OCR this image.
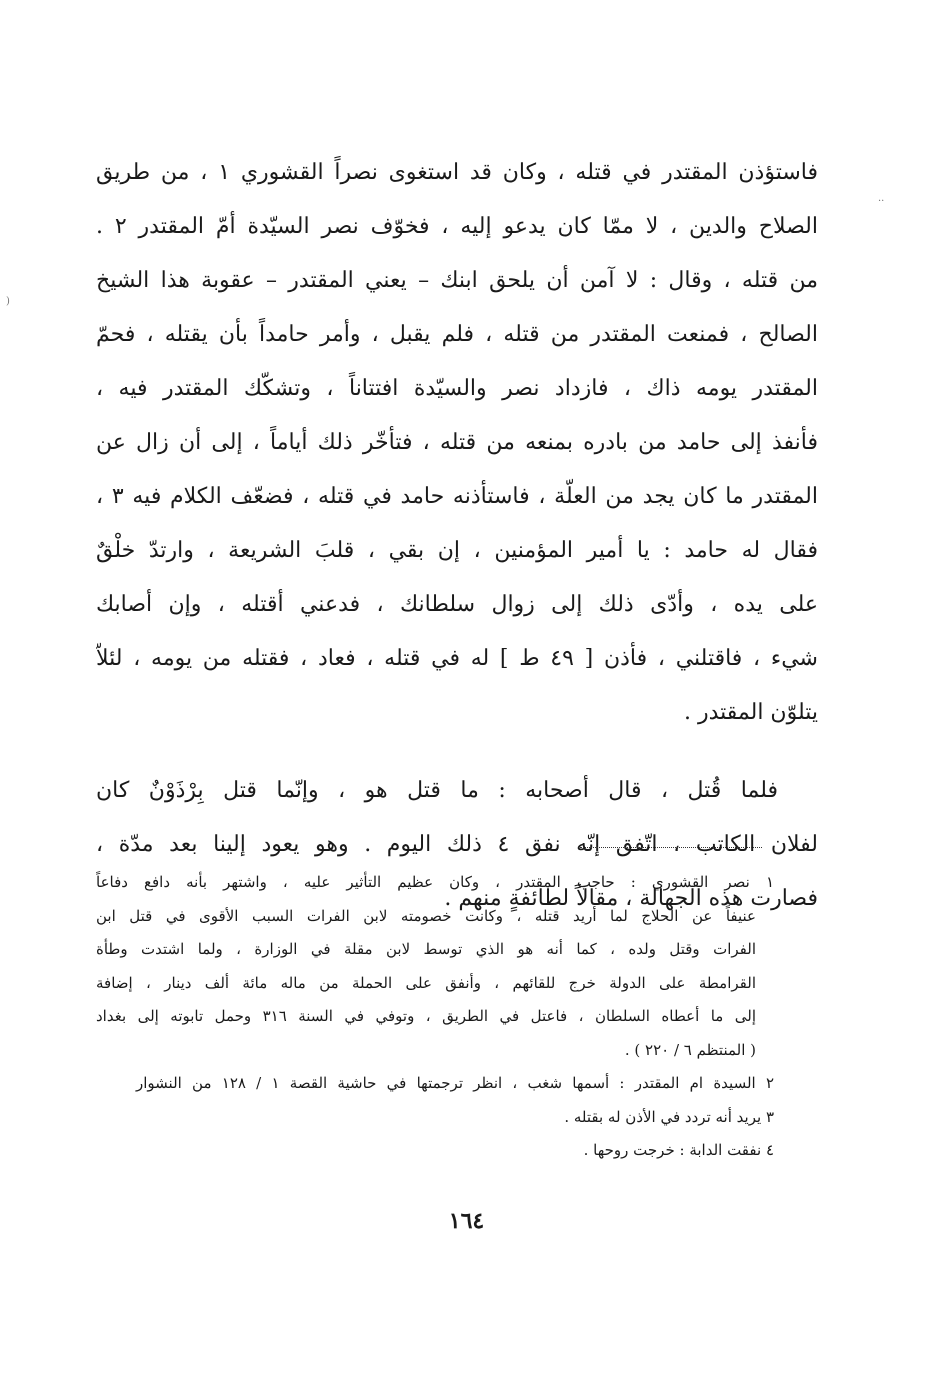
فاستؤذن المقتدر في قتله ، وكان قد استغوى نصراً القشوري ١ ، من طريق
الصلاح والدين ، لا ممّا كان يدعو إليه ، فخوّف نصر السيّدة أمّ المقتدر ٢ .
من قتله ، وقال : لا آمن أن يلحق ابنك – يعني المقتدر – عقوبة هذا الشيخ
الصالح ، فمنعت المقتدر من قتله ، فلم يقبل ، وأمر حامداً بأن يقتله ، فحمّ
المقتدر يومه ذاك ، فازداد نصر والسيّدة افتتاناً ، وتشكّك المقتدر فيه ،
فأنفذ إلى حامد من بادره بمنعه من قتله ، فتأخّر ذلك أياماً ، إلى أن زال عن
المقتدر ما كان يجد من العلّة ، فاستأذنه حامد في قتله ، فضعّف الكلام فيه ٣ ،
فقال له حامد : يا أمير المؤمنين ، إن بقي ، قلبَ الشريعة ، وارتدّ خلْقٌ
على يده ، وأدّى ذلك إلى زوال سلطانك ، فدعني أقتله ، وإن أصابك
شيء ، فاقتلني ، فأذن [ ٤٩ ط ] له في قتله ، فعاد ، فقتله من يومه ، لئلاّ
يتلوّن المقتدر .
فلما قُتل ، قال أصحابه : ما قتل هو ، وإنّما قتل بِرْذَوْنٌ كان
لفلان الكاتب ، اتّفق إنّه نفق ٤ ذلك اليوم . وهو يعود إلينا بعد مدّة ،
فصارت هذه الجهالة ، مقالاً لطائفةٍ منهم .
١ نصر القشوري : حاجب المقتدر ، وكان عظيم التأثير عليه ، واشتهر بأنه دافع دفاعاً
عنيفاً عن الحلاج لما أريد قتله ، وكانت خصومته لابن الفرات السبب الأقوى في قتل ابن
الفرات وقتل ولده ، كما أنه هو الذي توسط لابن مقلة في الوزارة ، ولما اشتدت وطأة
القرامطة على الدولة خرج للقائهم ، وأنفق على الحملة من ماله مائة ألف دينار ، إضافة
إلى ما أعطاه السلطان ، فاعتل في الطريق ، وتوفي في السنة ٣١٦ وحمل تابوته إلى بغداد
( المنتظم ٦ / ٢٢٠ ) .
٢ السيدة ام المقتدر : أسمها شغب ، انظر ترجمتها في حاشية القصة ١ / ١٢٨ من النشوار
٣ يريد أنه تردد في الأذن له بقتله .
٤ نفقت الدابة : خرجت روحها .
١٦٤
··
(
